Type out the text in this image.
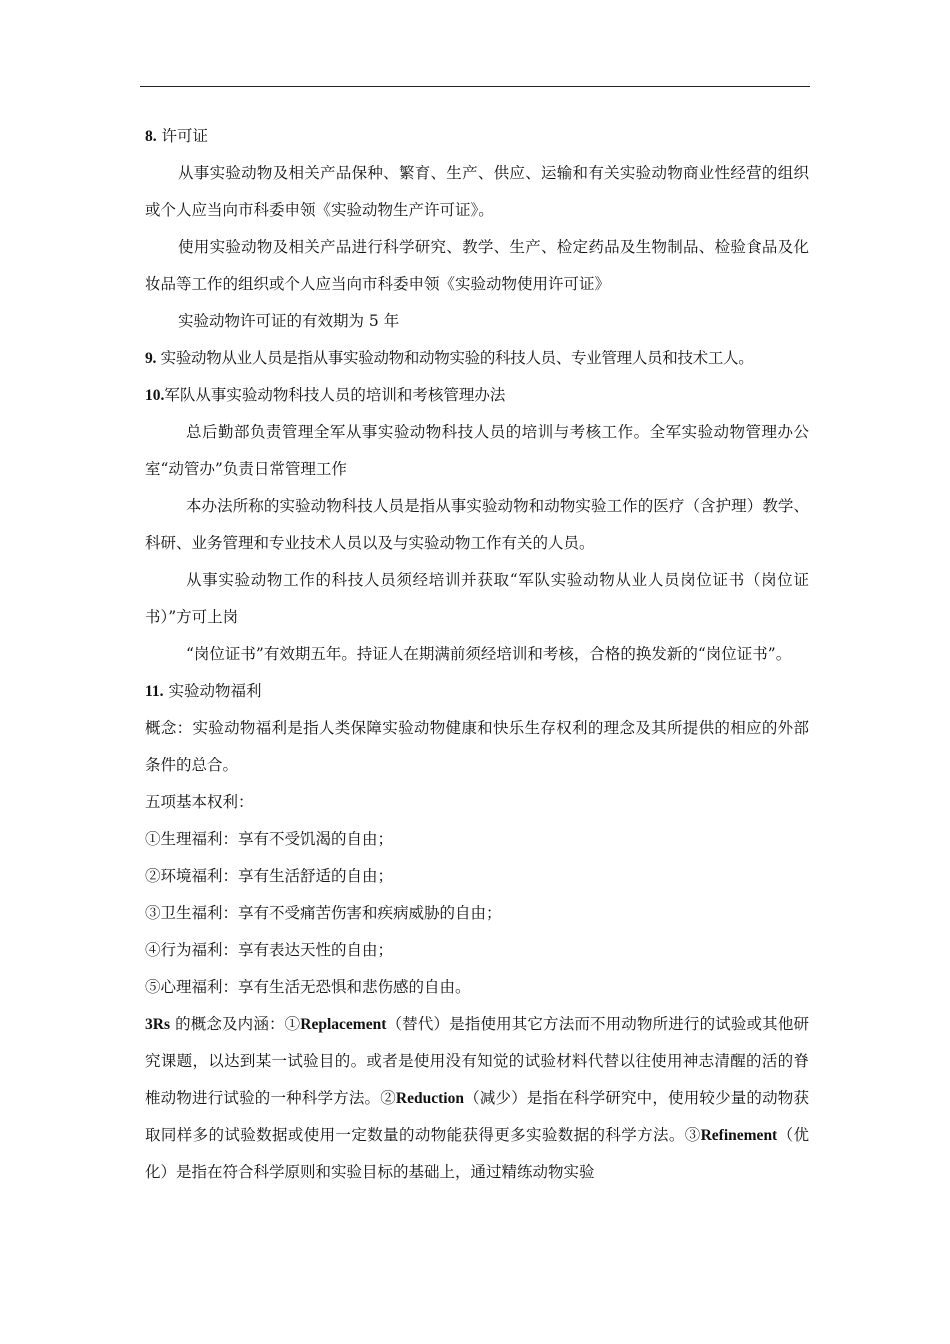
8. 许可证

从事实验动物及相关产品保种、繁育、生产、供应、运输和有关实验动物商业性经营的组织或个人应当向市科委申领《实验动物生产许可证》。

使用实验动物及相关产品进行科学研究、教学、生产、检定药品及生物制品、检验食品及化妆品等工作的组织或个人应当向市科委申领《实验动物使用许可证》

实验动物许可证的有效期为 5 年

9. 实验动物从业人员是指从事实验动物和动物实验的科技人员、专业管理人员和技术工人。

10.军队从事实验动物科技人员的培训和考核管理办法

总后勤部负责管理全军从事实验动物科技人员的培训与考核工作。全军实验动物管理办公室“动管办”负责日常管理工作

本办法所称的实验动物科技人员是指从事实验动物和动物实验工作的医疗（含护理）教学、科研、业务管理和专业技术人员以及与实验动物工作有关的人员。

从事实验动物工作的科技人员须经培训并获取“军队实验动物从业人员岗位证书（岗位证书）”方可上岗

“岗位证书”有效期五年。持证人在期满前须经培训和考核，合格的换发新的“岗位证书”。

11. 实验动物福利

概念：实验动物福利是指人类保障实验动物健康和快乐生存权利的理念及其所提供的相应的外部条件的总合。

五项基本权利：

①生理福利：享有不受饥渴的自由；

②环境福利：享有生活舒适的自由；

③卫生福利：享有不受痛苦伤害和疾病威胁的自由；

④行为福利：享有表达天性的自由；

⑤心理福利：享有生活无恐惧和悲伤感的自由。

3Rs 的概念及内涵：①Replacement（替代）是指使用其它方法而不用动物所进行的试验或其他研究课题，以达到某一试验目的。或者是使用没有知觉的试验材料代替以往使用神志清醒的活的脊椎动物进行试验的一种科学方法。②Reduction（减少）是指在科学研究中，使用较少量的动物获取同样多的试验数据或使用一定数量的动物能获得更多实验数据的科学方法。③Refinement（优化）是指在符合科学原则和实验目标的基础上，通过精练动物实验
